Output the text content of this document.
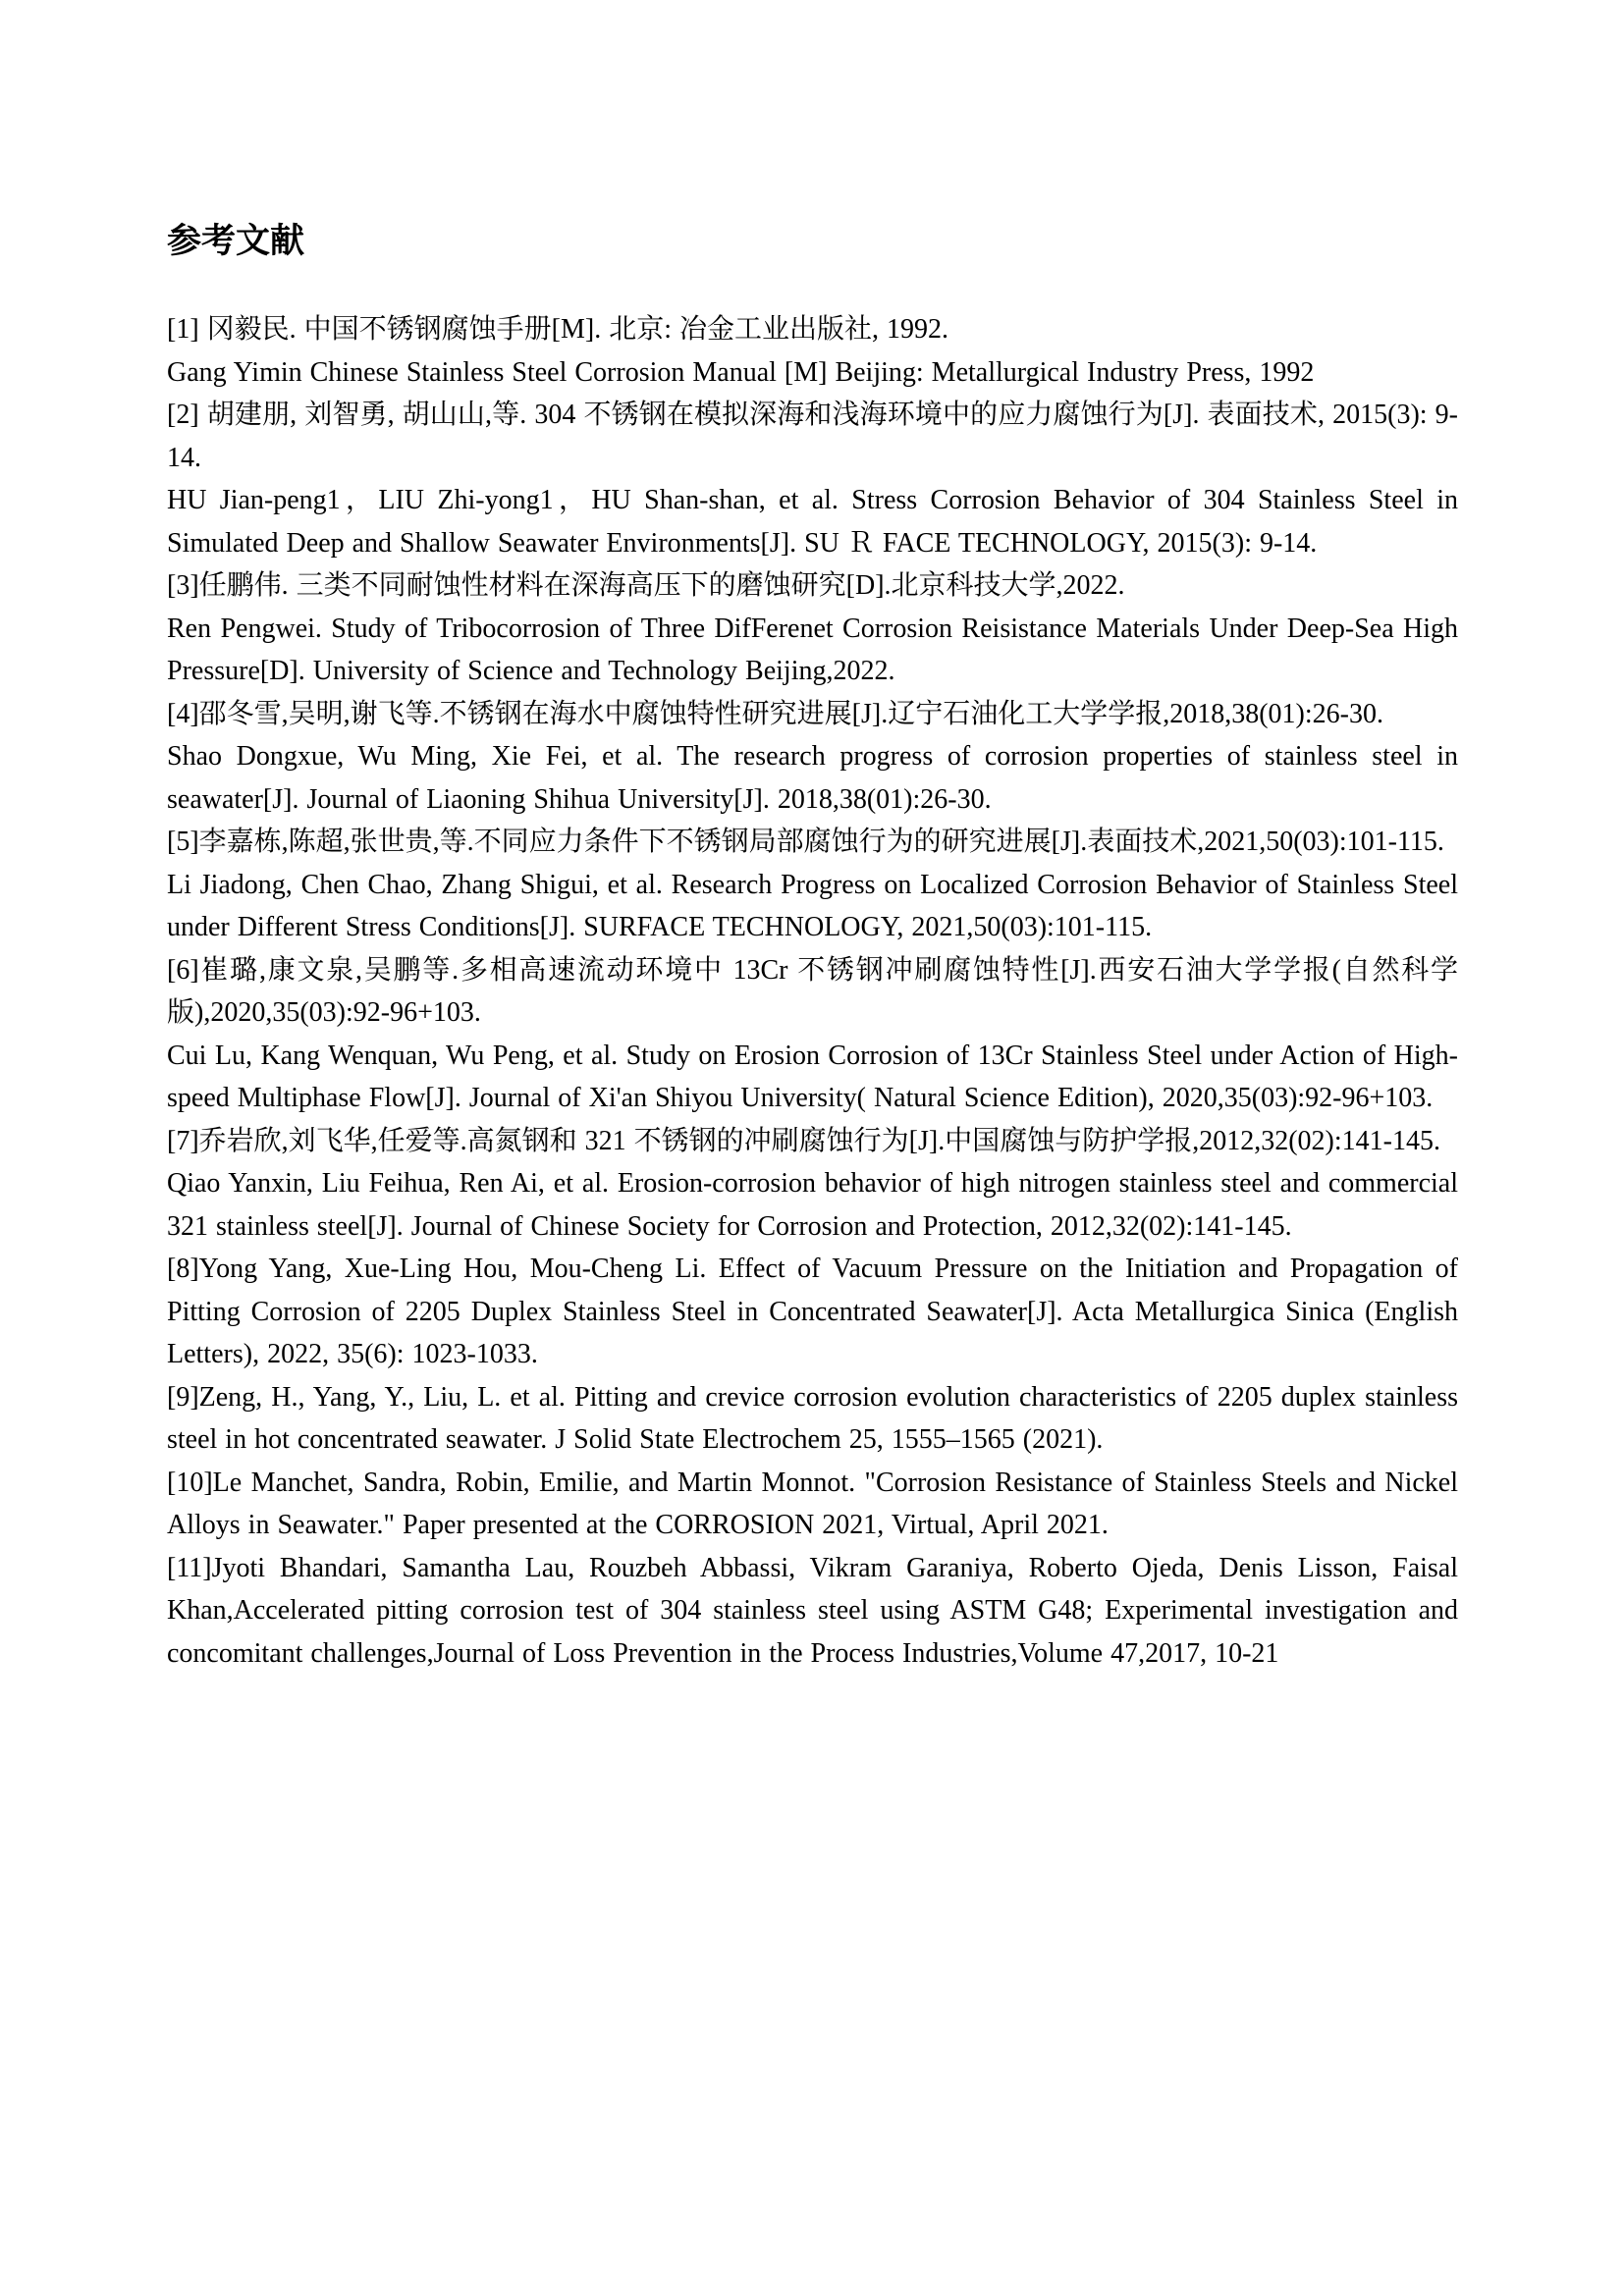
参考文献

[1] 冈毅民. 中国不锈钢腐蚀手册[M]. 北京: 冶金工业出版社, 1992.

Gang Yimin Chinese Stainless Steel Corrosion Manual [M] Beijing: Metallurgical Industry Press, 1992

[2] 胡建朋, 刘智勇, 胡山山,等. 304 不锈钢在模拟深海和浅海环境中的应力腐蚀行为[J]. 表面技术, 2015(3): 9-14.

HU Jian-peng1，LIU Zhi-yong1，HU Shan-shan, et al. Stress Corrosion Behavior of 304 Stainless Steel in Simulated Deep and Shallow Seawater Environments[J]. SU Ｒ FACE TECHNOLOGY, 2015(3): 9-14.

[3]任鹏伟. 三类不同耐蚀性材料在深海高压下的磨蚀研究[D].北京科技大学,2022.

Ren Pengwei. Study of Tribocorrosion of Three DifFerenet Corrosion Reisistance Materials Under Deep-Sea High Pressure[D]. University of Science and Technology Beijing,2022.

[4]邵冬雪,吴明,谢飞等.不锈钢在海水中腐蚀特性研究进展[J].辽宁石油化工大学学报,2018,38(01):26-30.

Shao Dongxue, Wu Ming, Xie Fei, et al. The research progress of corrosion properties of stainless steel in seawater[J]. Journal of Liaoning Shihua University[J]. 2018,38(01):26-30.

[5]李嘉栋,陈超,张世贵,等.不同应力条件下不锈钢局部腐蚀行为的研究进展[J].表面技术,2021,50(03):101-115.

Li Jiadong, Chen Chao, Zhang Shigui, et al. Research Progress on Localized Corrosion Behavior of Stainless Steel under Different Stress Conditions[J]. SURFACE TECHNOLOGY, 2021,50(03):101-115.

[6]崔璐,康文泉,吴鹏等.多相高速流动环境中 13Cr 不锈钢冲刷腐蚀特性[J].西安石油大学学报(自然科学版),2020,35(03):92-96+103.

Cui Lu, Kang Wenquan, Wu Peng, et al. Study on Erosion Corrosion of 13Cr Stainless Steel under Action of High-speed Multiphase Flow[J]. Journal of Xi'an Shiyou University( Natural Science Edition), 2020,35(03):92-96+103.

[7]乔岩欣,刘飞华,任爱等.高氮钢和 321 不锈钢的冲刷腐蚀行为[J].中国腐蚀与防护学报,2012,32(02):141-145.

Qiao Yanxin, Liu Feihua, Ren Ai, et al. Erosion-corrosion behavior of high nitrogen stainless steel and commercial 321 stainless steel[J]. Journal of Chinese Society for Corrosion and Protection, 2012,32(02):141-145.

[8]Yong Yang, Xue-Ling Hou, Mou-Cheng Li. Effect of Vacuum Pressure on the Initiation and Propagation of Pitting Corrosion of 2205 Duplex Stainless Steel in Concentrated Seawater[J]. Acta Metallurgica Sinica (English Letters), 2022, 35(6): 1023-1033.

[9]Zeng, H., Yang, Y., Liu, L. et al. Pitting and crevice corrosion evolution characteristics of 2205 duplex stainless steel in hot concentrated seawater. J Solid State Electrochem 25, 1555–1565 (2021).

[10]Le Manchet, Sandra, Robin, Emilie, and Martin Monnot. "Corrosion Resistance of Stainless Steels and Nickel Alloys in Seawater." Paper presented at the CORROSION 2021, Virtual, April 2021.

[11]Jyoti Bhandari, Samantha Lau, Rouzbeh Abbassi, Vikram Garaniya, Roberto Ojeda, Denis Lisson, Faisal Khan,Accelerated pitting corrosion test of 304 stainless steel using ASTM G48; Experimental investigation and concomitant challenges,Journal of Loss Prevention in the Process Industries,Volume 47,2017, 10-21
